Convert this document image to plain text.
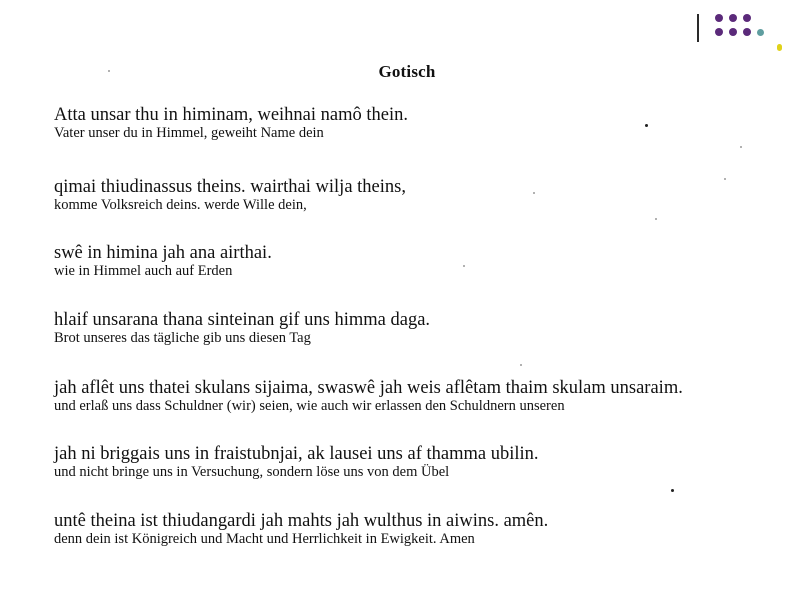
Gotisch
Atta unsar thu in himinam, weihnai namô thein.
Vater unser du in Himmel, geweiht Name dein
qimai thiudinassus theins. wairthai wilja theins,
komme Volksreich deins. werde Wille dein,
swê in himina jah ana airthai.
wie in Himmel auch auf Erden
hlaif unsarana thana sinteinan gif uns himma daga.
Brot unseres das tägliche gib uns diesen Tag
jah aflêt uns thatei skulans sijaima, swaswê jah weis aflêtam thaim skulam unsaraim.
und erlaß uns dass Schuldner (wir) seien, wie auch wir erlassen den Schuldnern unseren
jah ni briggais uns in fraistubnjai, ak lausei uns af thamma ubilin.
und nicht bringe uns in Versuchung, sondern löse uns von dem Übel
untê theina ist thiudangardi jah mahts jah wulthus in aiwins. amên.
denn dein ist Königreich und Macht und Herrlichkeit in Ewigkeit. Amen
